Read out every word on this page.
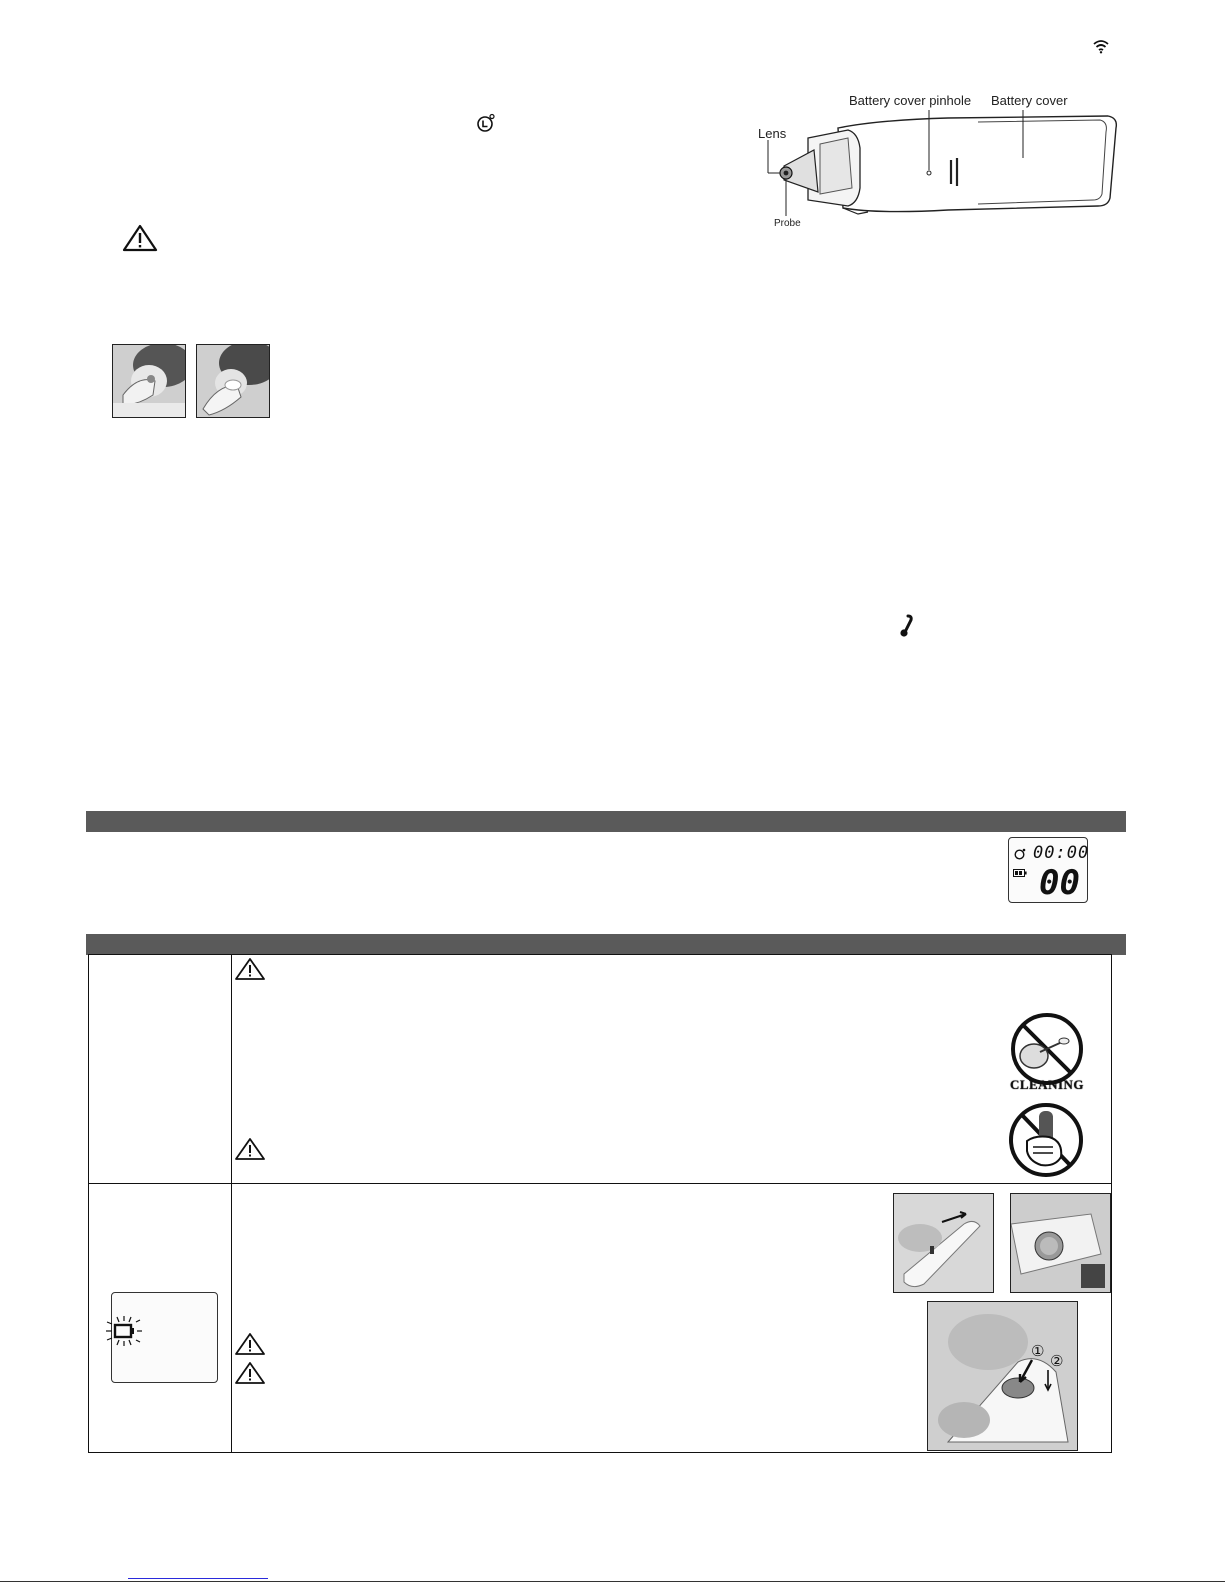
Lens
Probe
Battery cover pinhole Battery cover
00:00
00
CLEANING
①
②
